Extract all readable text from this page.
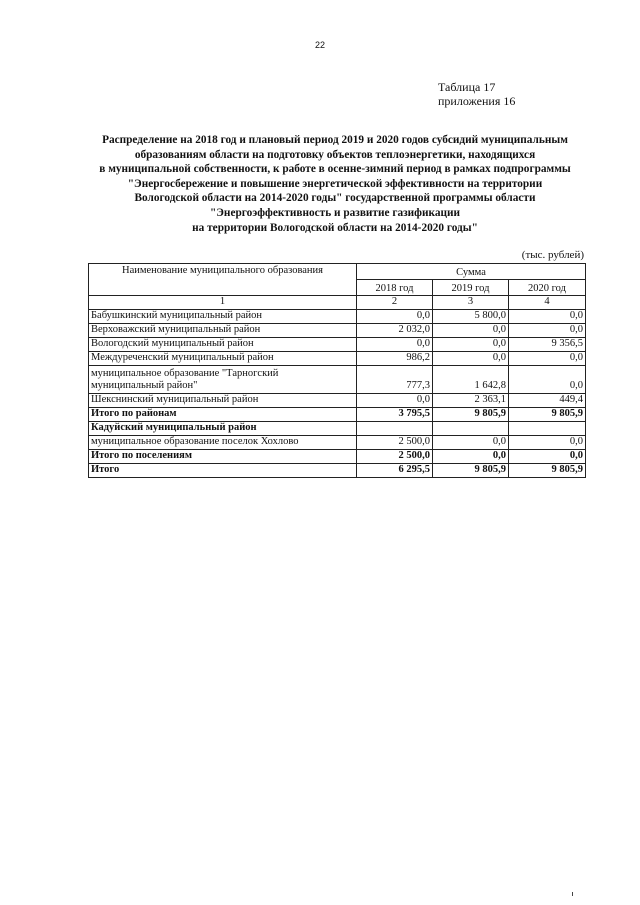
22
Таблица 17
приложения 16
Распределение на 2018 год и плановый период 2019 и 2020 годов субсидий муниципальным
образованиям области на подготовку объектов теплоэнергетики, находящихся
в муниципальной собственности, к работе в осенне-зимний период в рамках подпрограммы
"Энергосбережение и повышение энергетической эффективности на территории
Вологодской области на 2014-2020 годы" государственной программы области
"Энергоэффективность и развитие газификации
на территории Вологодской области на 2014-2020 годы"
(тыс. рублей)
Наименование муниципального образования	Сумма		
	2018 год	2019 год	2020 год
1	2	3	4
Бабушкинский муниципальный район	0,0	5 800,0	0,0
Верховажский муниципальный район	2 032,0	0,0	0,0
Вологодский муниципальный район	0,0	0,0	9 356,5
Междуреченский муниципальный район	986,2	0,0	0,0
муниципальное образование "Тарногский муниципальный район"	777,3	1 642,8	0,0
Шекснинский муниципальный район	0,0	2 363,1	449,4
Итого по районам	3 795,5	9 805,9	9 805,9
Кадуйский муниципальный район			
муниципальное образование поселок Хохлово	2 500,0	0,0	0,0
Итого по поселениям	2 500,0	0,0	0,0
Итого	6 295,5	9 805,9	9 805,9
